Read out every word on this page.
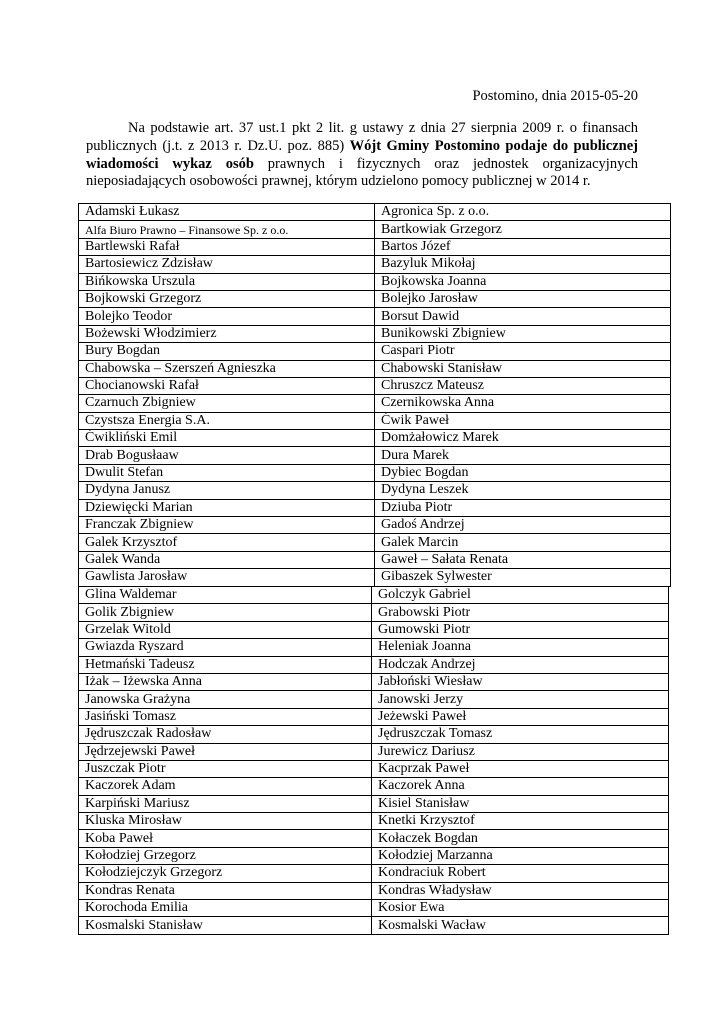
Postomino, dnia 2015-05-20

Na podstawie art. 37 ust.1 pkt 2 lit. g ustawy z dnia 27 sierpnia 2009 r. o finansach publicznych (j.t. z 2013 r. Dz.U. poz. 885) Wójt Gminy Postomino podaje do publicznej wiadomości wykaz osób prawnych i fizycznych oraz jednostek organizacyjnych nieposiadających osobowości prawnej, którym udzielono pomocy publicznej w 2014 r.

Adamski Łukasz	Agronica Sp. z o.o.
Alfa Biuro Prawno – Finansowe Sp. z o.o.	Bartkowiak Grzegorz
Bartlewski Rafał	Bartos Józef
Bartosiewicz Zdzisław	Bazyluk Mikołaj
Bińkowska Urszula	Bojkowska Joanna
Bojkowski Grzegorz	Bolejko Jarosław
Bolejko Teodor	Borsut Dawid
Bożewski Włodzimierz	Bunikowski Zbigniew
Bury Bogdan	Caspari Piotr
Chabowska – Szerszeń Agnieszka	Chabowski Stanisław
Chocianowski Rafał	Chruszcz Mateusz
Czarnuch Zbigniew	Czernikowska Anna
Czystsza Energia S.A.	Ćwik Paweł
Ćwikliński Emil	Domżałowicz Marek
Drab Bogusłaaw	Dura Marek
Dwulit Stefan	Dybiec Bogdan
Dydyna Janusz	Dydyna Leszek
Dziewięcki Marian	Dziuba Piotr
Franczak Zbigniew	Gadoś Andrzej
Galek Krzysztof	Galek Marcin
Galek Wanda	Gaweł – Sałata Renata
Gawlista Jarosław	Gibaszek Sylwester
Glina Waldemar	Golczyk Gabriel
Golik Zbigniew	Grabowski Piotr
Grzelak Witold	Gumowski Piotr
Gwiazda Ryszard	Heleniak Joanna
Hetmański Tadeusz	Hodczak Andrzej
Iżak – Iżewska Anna	Jabłoński Wiesław
Janowska Grażyna	Janowski Jerzy
Jasiński Tomasz	Jeżewski Paweł
Jędruszczak Radosław	Jędruszczak Tomasz
Jędrzejewski Paweł	Jurewicz Dariusz
Juszczak Piotr	Kacprzak Paweł
Kaczorek Adam	Kaczorek Anna
Karpiński Mariusz	Kisiel Stanisław
Kluska Mirosław	Knetki Krzysztof
Koba Paweł	Kołaczek Bogdan
Kołodziej Grzegorz	Kołodziej Marzanna
Kołodziejczyk Grzegorz	Kondraciuk Robert
Kondras Renata	Kondras Władysław
Korochoda Emilia	Kosior Ewa
Kosmalski Stanisław	Kosmalski Wacław
